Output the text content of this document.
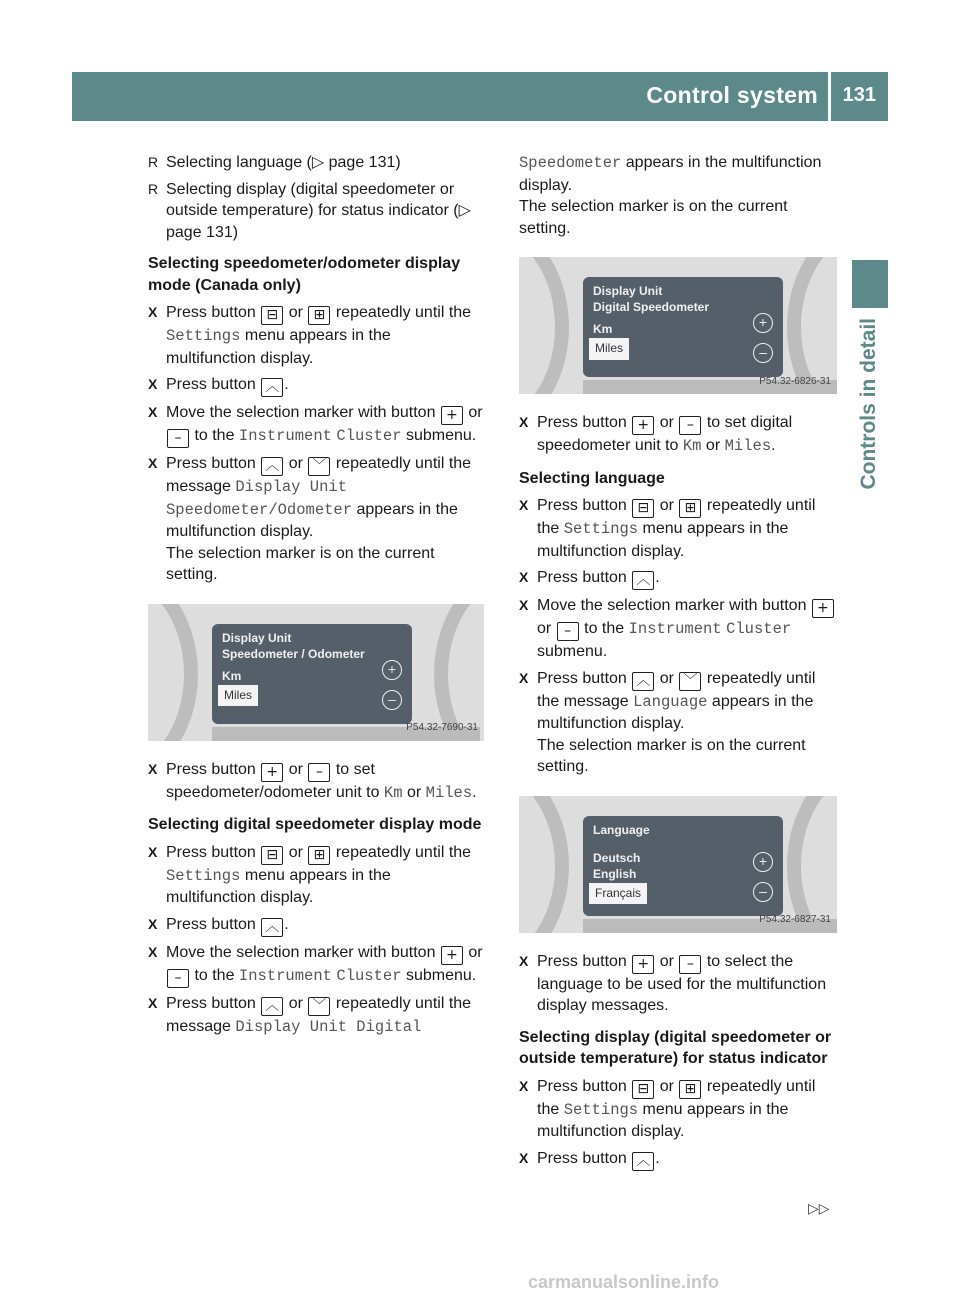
Control system 131
Controls in detail
R Selecting language (▷ page 131)
R Selecting display (digital speedometer or outside temperature) for status indicator (▷ page 131)
Selecting speedometer/odometer display mode (Canada only)
X Press button ⊟ or ⊞ repeatedly until the Settings menu appears in the multifunction display.
X Press button ︿ .
X Move the selection marker with button + or – to the Instrument Cluster submenu.
X Press button ︿ or ﹀ repeatedly until the message Display Unit Speedometer/Odometer appears in the multifunction display.
The selection marker is on the current setting.
Display Unit
Speedometer / Odometer
Km
Miles
+
–
P54.32-7690-31
X Press button + or – to set speedometer/odometer unit to Km or Miles.
Selecting digital speedometer display mode
X Press button ⊟ or ⊞ repeatedly until the Settings menu appears in the multifunction display.
X Press button ︿ .
X Move the selection marker with button + or – to the Instrument Cluster submenu.
X Press button ︿ or ﹀ repeatedly until the message Display Unit Digital
Speedometer appears in the multifunction display.
The selection marker is on the current setting.
Display Unit
Digital Speedometer
Km
Miles
+
–
P54.32-6826-31
X Press button + or – to set digital speedometer unit to Km or Miles.
Selecting language
X Press button ⊟ or ⊞ repeatedly until the Settings menu appears in the multifunction display.
X Press button ︿ .
X Move the selection marker with button + or – to the Instrument Cluster submenu.
X Press button ︿ or ﹀ repeatedly until the message Language appears in the multifunction display.
The selection marker is on the current setting.
Language
Deutsch
English
Français
+
–
P54.32-6827-31
X Press button + or – to select the language to be used for the multifunction display messages.
Selecting display (digital speedometer or outside temperature) for status indicator
X Press button ⊟ or ⊞ repeatedly until the Settings menu appears in the multifunction display.
X Press button ︿ .
▷▷
carmanualsonline.info
